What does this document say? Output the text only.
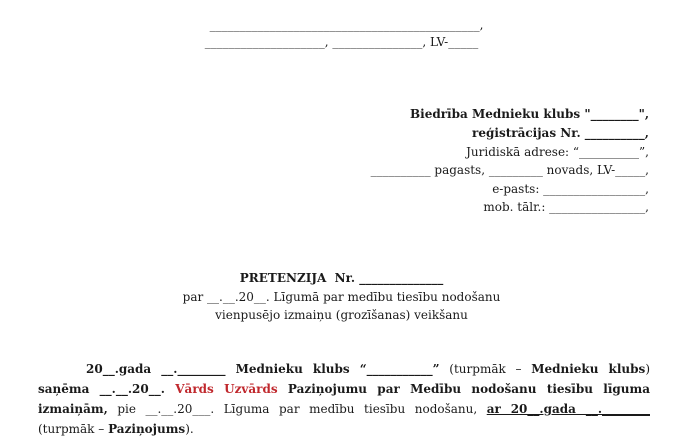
_____________________________________________,
____________________, _______________, LV-_____
Biedrība Mednieku klubs "________",
reģistrācijas Nr. __________,
Juridiskā adrese: “__________”,
__________ pagasts, _________ novads, LV-_____,
e-pasts: _________________,
mob. tālr.: ________________,
PRETENZIJA  Nr. ______________
par __.__.20__. Līgumā par medību tiesību nodošanu
vienpusējo izmaiņu (grozīšanas) veikšanu
20__.gada __.________ Mednieku klubs “___________” (turpmāk – Mednieku klubs) saņēma __.__.20__. Vārds Uzvārds Paziņojumu par Medību nodošanu tiesību līguma izmaiņām, pie __.__.20___. Līguma par medību tiesību nodošanu, ar 20__.gada __.________ (turpmāk – Paziņojums).
